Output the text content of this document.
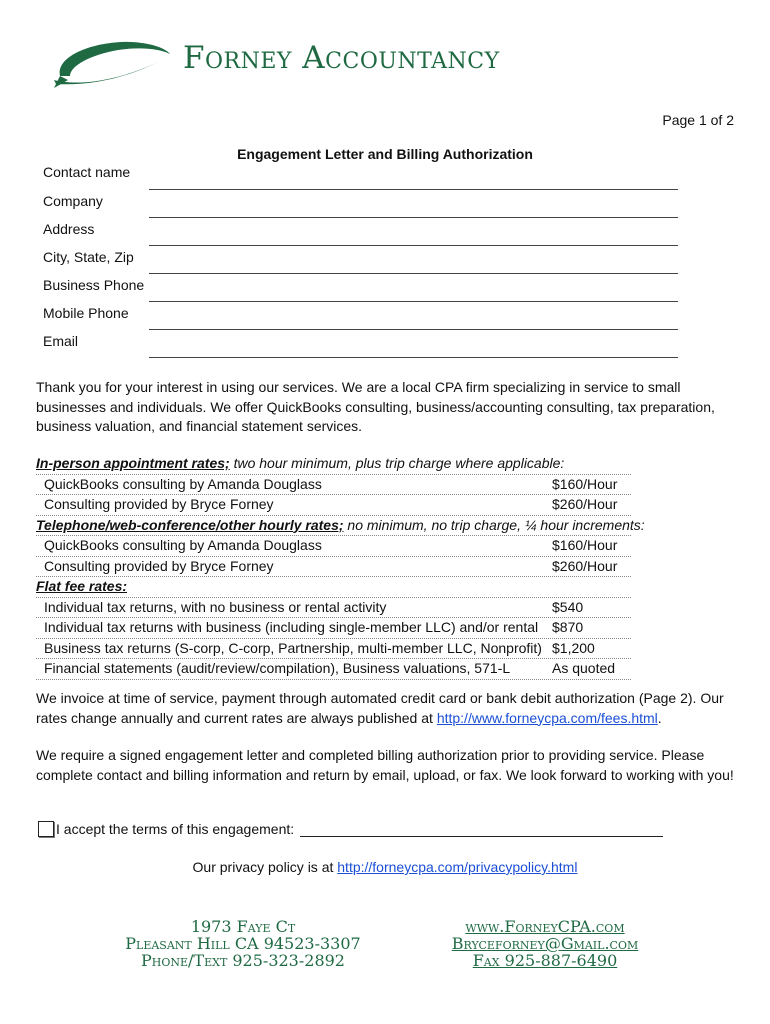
Forney Accountancy
Page 1 of 2
Engagement Letter and Billing Authorization
Contact name
Company
Address
City, State, Zip
Business Phone
Mobile Phone
Email
Thank you for your interest in using our services. We are a local CPA firm specializing in service to small businesses and individuals. We offer QuickBooks consulting, business/accounting consulting, tax preparation, business valuation, and financial statement services.
In-person appointment rates; two hour minimum, plus trip charge where applicable:
QuickBooks consulting by Amanda Douglass	$160/Hour
Consulting provided by Bryce Forney	$260/Hour
Telephone/web-conference/other hourly rates; no minimum, no trip charge, ¼ hour increments:
QuickBooks consulting by Amanda Douglass	$160/Hour
Consulting provided by Bryce Forney	$260/Hour
Flat fee rates:
Individual tax returns, with no business or rental activity	$540
Individual tax returns with business (including single-member LLC) and/or rental $870
Business tax returns (S-corp, C-corp, Partnership, multi-member LLC, Nonprofit) $1,200
Financial statements (audit/review/compilation), Business valuations, 571-L	As quoted
We invoice at time of service, payment through automated credit card or bank debit authorization (Page 2). Our rates change annually and current rates are always published at http://www.forneycpa.com/fees.html.
We require a signed engagement letter and completed billing authorization prior to providing service. Please complete contact and billing information and return by email, upload, or fax. We look forward to working with you!
I accept the terms of this engagement:
Our privacy policy is at http://forneycpa.com/privacypolicy.html
1973 Faye Ct
Pleasant Hill CA 94523-3307
Phone/Text 925-323-2892
www.ForneyCPA.com
Bryceforney@Gmail.com
Fax 925-887-6490
